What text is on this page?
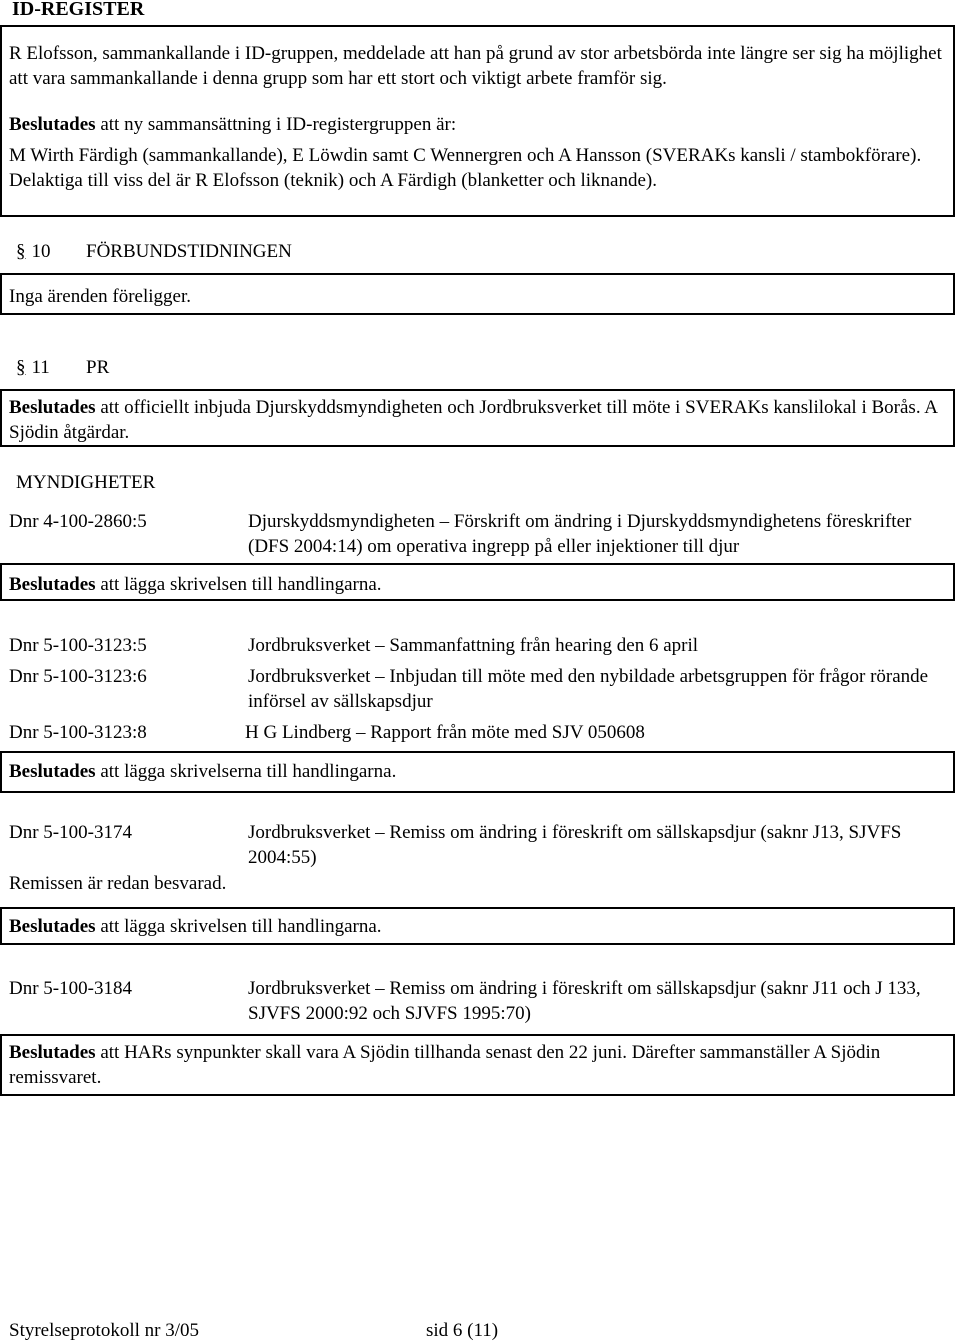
ID-REGISTER

R Elofsson, sammankallande i ID-gruppen, meddelade att han på grund av stor arbetsbörda inte längre ser sig ha möjlighet att vara sammankallande i denna grupp som har ett stort och viktigt arbete framför sig.

Beslutades att ny sammansättning i ID-registergruppen är:

M Wirth Färdigh (sammankallande), E Löwdin samt C Wennergren och A Hansson (SVERAKs kansli / stambokförare). Delaktiga till viss del är R Elofsson (teknik) och A Färdigh (blanketter och liknande).

§ 10 FÖRBUNDSTIDNINGEN

Inga ärenden föreligger.

§ 11 PR

Beslutades att officiellt inbjuda Djurskyddsmyndigheten och Jordbruksverket till möte i SVERAKs kanslilokal i Borås. A Sjödin åtgärdar.

MYNDIGHETER
Dnr 4-100-2860:5	Djurskyddsmyndigheten – Förskrift om ändring i Djurskyddsmyndighetens föreskrifter (DFS 2004:14) om operativa ingrepp på eller injektioner till djur

Beslutades att lägga skrivelsen till handlingarna.

Dnr 5-100-3123:5	Jordbruksverket – Sammanfattning från hearing den 6 april
Dnr 5-100-3123:6	Jordbruksverket – Inbjudan till möte med den nybildade arbetsgruppen för frågor rörande införsel av sällskapsdjur
Dnr 5-100-3123:8	H G Lindberg – Rapport från möte med SJV 050608

Beslutades att lägga skrivelserna till handlingarna.

Dnr 5-100-3174	Jordbruksverket – Remiss om ändring i föreskrift om sällskapsdjur (saknr J13, SJVFS 2004:55)
Remissen är redan besvarad.

Beslutades att lägga skrivelsen till handlingarna.

Dnr 5-100-3184	Jordbruksverket – Remiss om ändring i föreskrift om sällskapsdjur (saknr J11 och J 133, SJVFS 2000:92 och SJVFS 1995:70)

Beslutades att HARs synpunkter skall vara A Sjödin tillhanda senast den 22 juni. Därefter sammanställer A Sjödin remissvaret.

Styrelseprotokoll nr 3/05	sid 6 (11)
